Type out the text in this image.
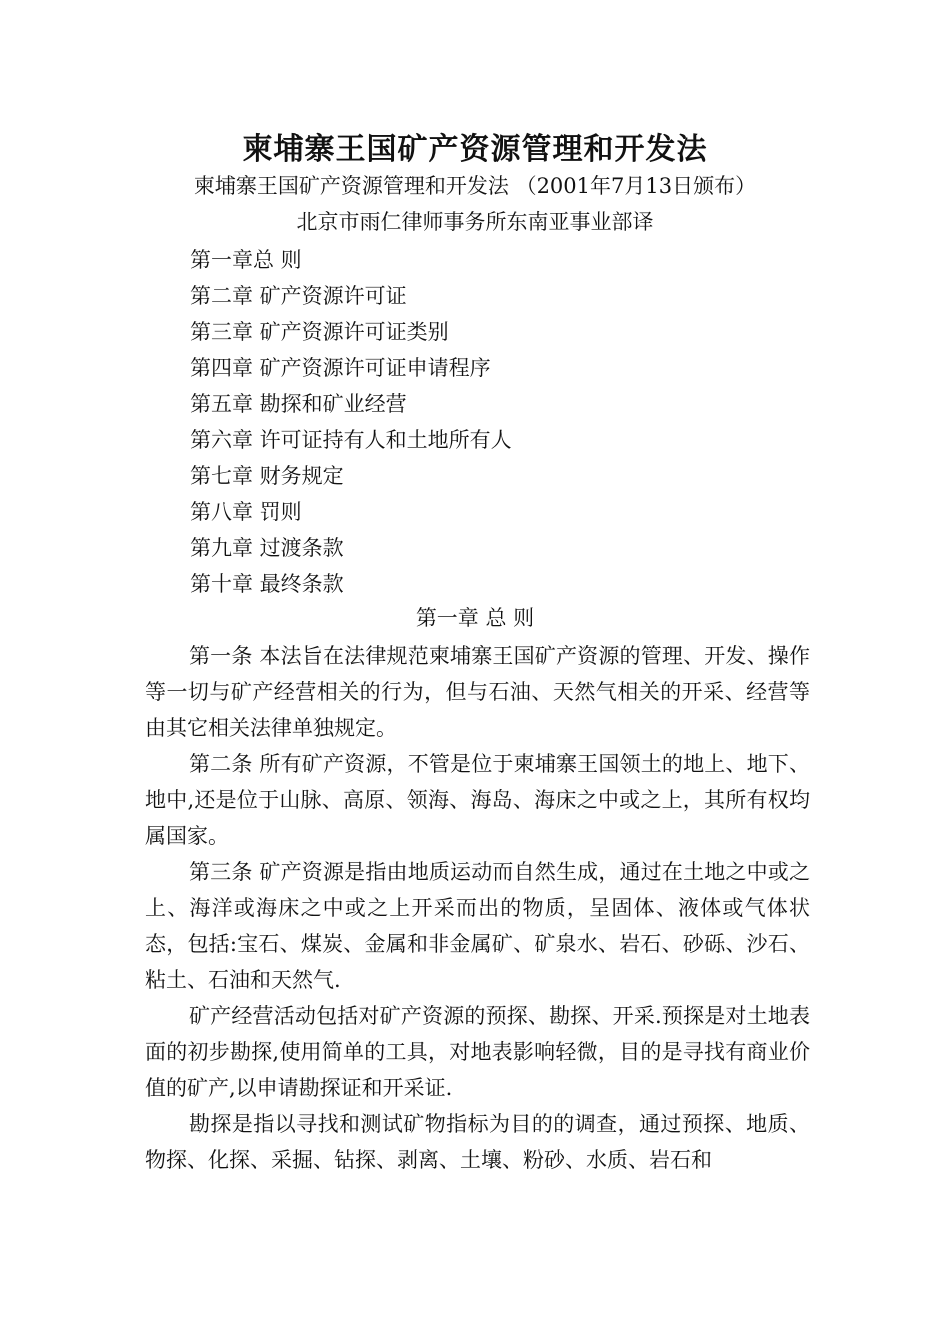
柬埔寨王国矿产资源管理和开发法
柬埔寨王国矿产资源管理和开发法 （2001年7月13日颁布）
北京市雨仁律师事务所东南亚事业部译
第一章总 则
第二章 矿产资源许可证
第三章 矿产资源许可证类别
第四章 矿产资源许可证申请程序
第五章 勘探和矿业经营
第六章 许可证持有人和土地所有人
第七章 财务规定
第八章 罚则
第九章 过渡条款
第十章 最终条款
第一章 总 则

第一条 本法旨在法律规范柬埔寨王国矿产资源的管理、开发、操作等一切与矿产经营相关的行为，但与石油、天然气相关的开采、经营等由其它相关法律单独规定。

第二条 所有矿产资源，不管是位于柬埔寨王国领土的地上、地下、地中,还是位于山脉、高原、领海、海岛、海床之中或之上，其所有权均属国家。

第三条 矿产资源是指由地质运动而自然生成，通过在土地之中或之上、海洋或海床之中或之上开采而出的物质，呈固体、液体或气体状态，包括:宝石、煤炭、金属和非金属矿、矿泉水、岩石、砂砾、沙石、粘土、石油和天然气.

矿产经营活动包括对矿产资源的预探、勘探、开采.预探是对土地表面的初步勘探,使用简单的工具，对地表影响轻微，目的是寻找有商业价值的矿产,以申请勘探证和开采证.

勘探是指以寻找和测试矿物指标为目的的调查，通过预探、地质、物探、化探、采掘、钻探、剥离、土壤、粉砂、水质、岩石和
